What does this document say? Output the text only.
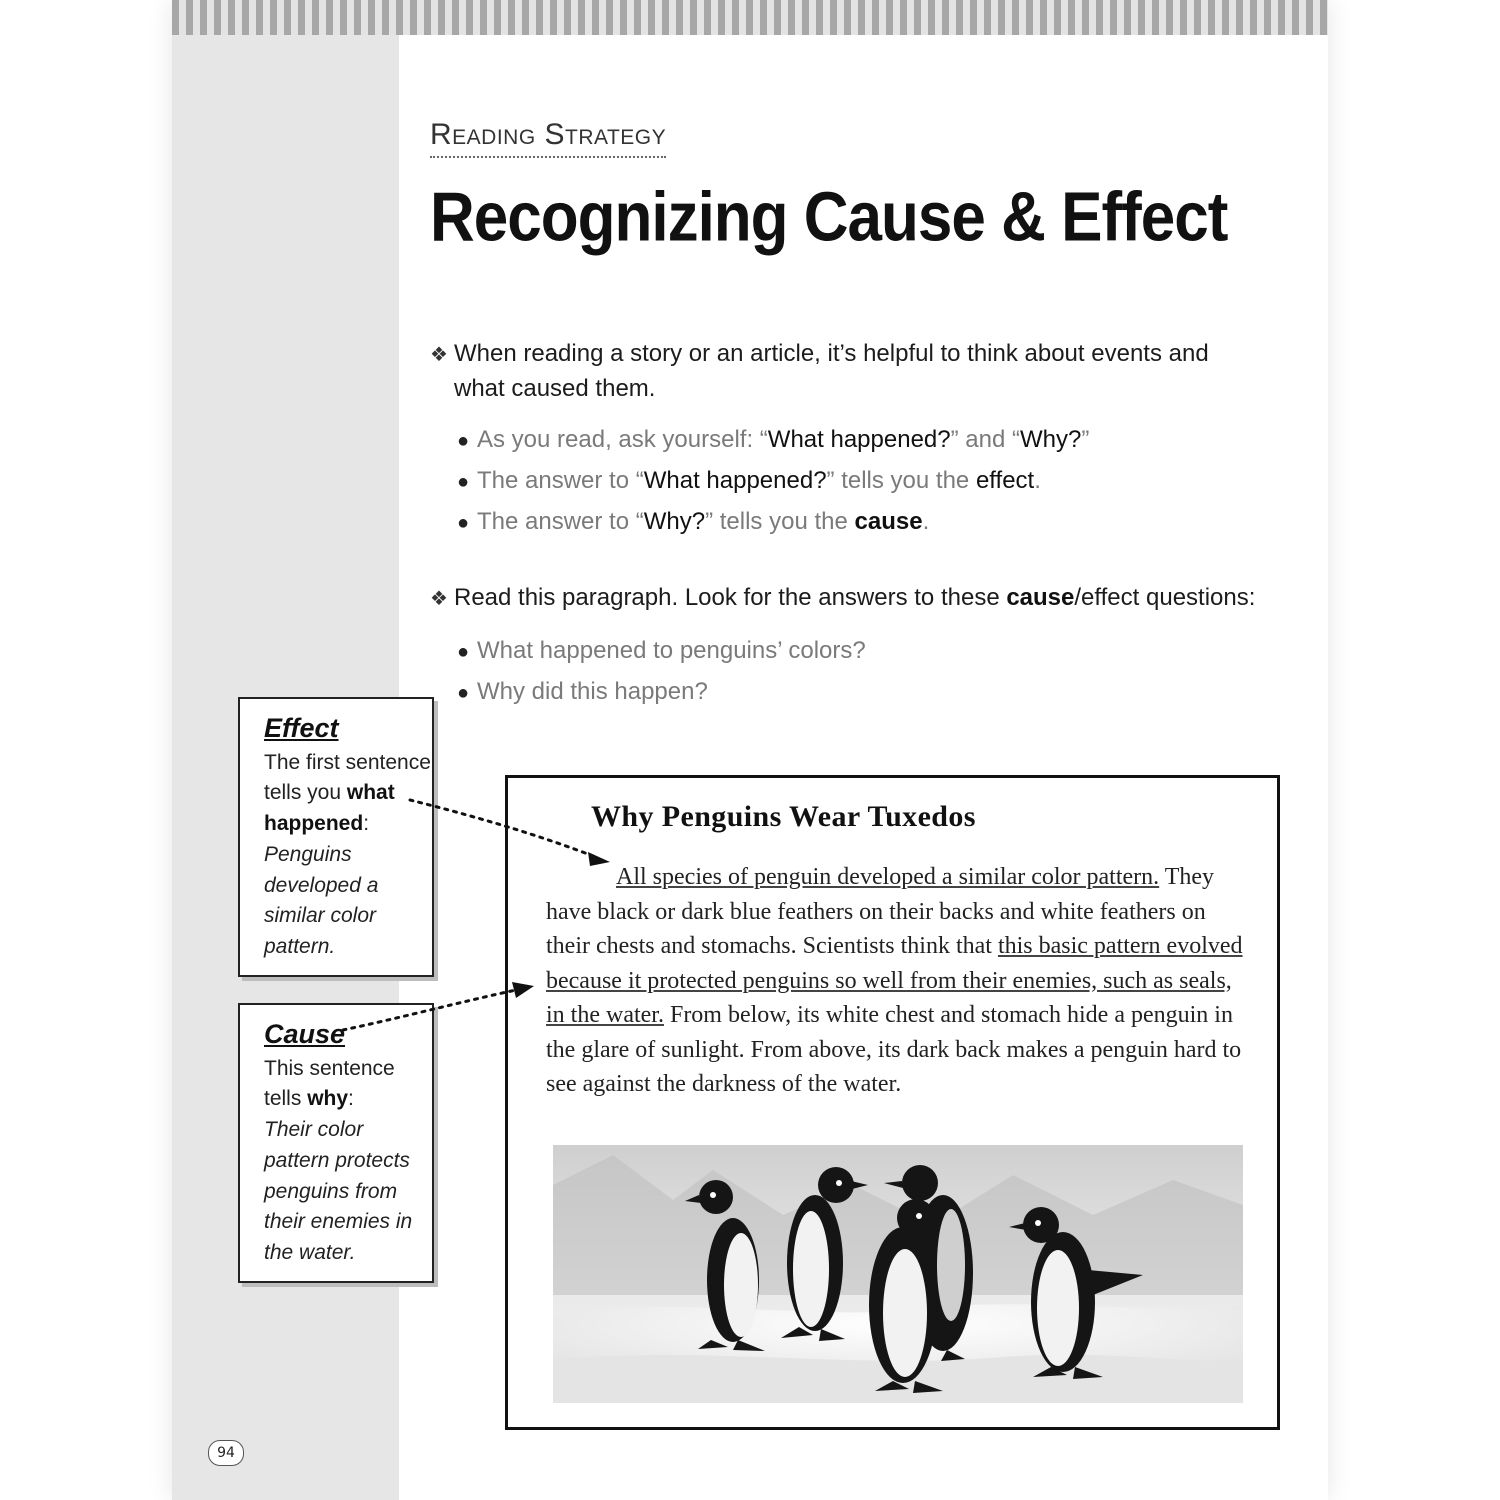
94
Reading Strategy
Recognizing Cause & Effect
❖ When reading a story or an article, it’s helpful to think about events and
what caused them.
● As you read, ask yourself: “What happened?” and “Why?”
● The answer to “What happened?” tells you the effect.
● The answer to “Why?” tells you the cause.
❖ Read this paragraph. Look for the answers to these cause/effect questions:
● What happened to penguins’ colors?
● Why did this happen?
Effect
The first sentence tells you what happened:
Penguins developed a similar color pattern.
Cause
This sentence tells why:
Their color pattern protects penguins from their enemies in the water.
Why Penguins Wear Tuxedos
All species of penguin developed a similar color pattern. They have black or dark blue feathers on their backs and white feathers on their chests and stomachs. Scientists think that this basic pattern evolved because it protected penguins so well from their enemies, such as seals, in the water. From below, its white chest and stomach hide a penguin in the glare of sunlight. From above, its dark back makes a penguin hard to see against the darkness of the water.
